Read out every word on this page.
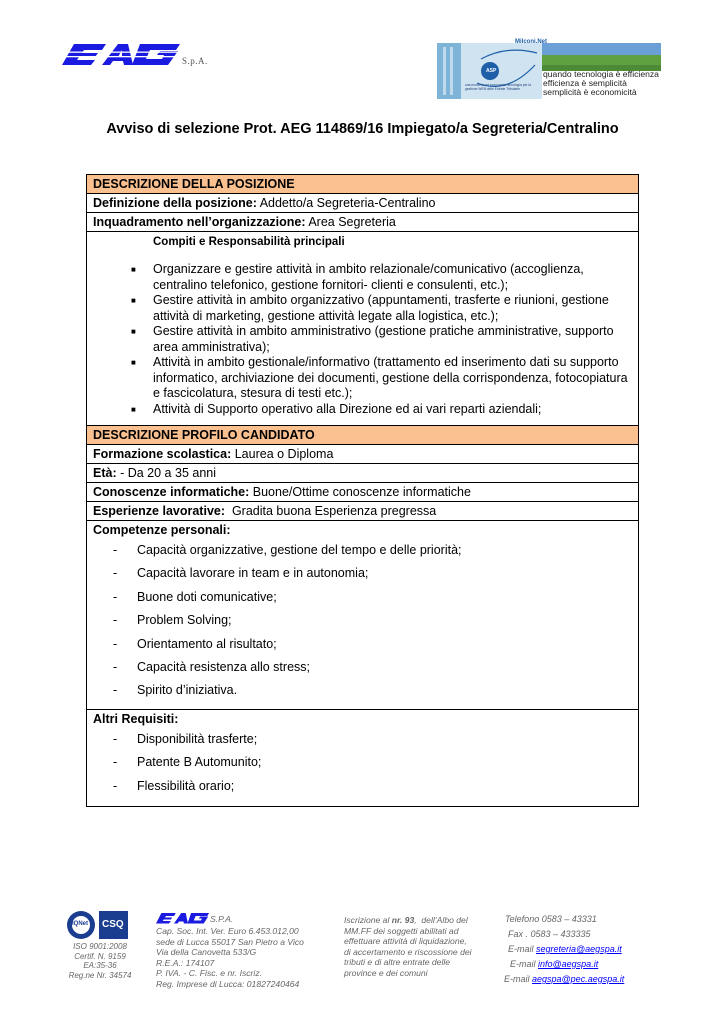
S.p.A.
Milconi.Net
ASP
una moderna ed economica tecnologia per la gestione WEB delle Entrate Tributarie
quando tecnologia è efficienza
efficienza è semplicità
semplicità è economicità
Avviso di selezione Prot. AEG 114869/16 Impiegato/a Segreteria/Centralino
DESCRIZIONE DELLA POSIZIONE
Definizione della posizione: Addetto/a Segreteria-Centralino
Inquadramento nell’organizzazione: Area Segreteria

Compiti e Responsabilità principali
■ Organizzare e gestire attività in ambito relazionale/comunicativo (accoglienza, centralino telefonico, gestione fornitori- clienti e consulenti, etc.);
■ Gestire attività in ambito organizzativo (appuntamenti, trasferte e riunioni, gestione attività di marketing, gestione attività legate alla logistica, etc.);
■ Gestire attività in ambito amministrativo (gestione pratiche amministrative, supporto area amministrativa);
■ Attività in ambito gestionale/informativo (trattamento ed inserimento dati su supporto informatico, archiviazione dei documenti, gestione della corrispondenza, fotocopiatura e fascicolatura, stesura di testi etc.);
■ Attività di Supporto operativo alla Direzione ed ai vari reparti aziendali;

DESCRIZIONE PROFILO CANDIDATO
Formazione scolastica: Laurea o Diploma
Età: - Da 20 a 35 anni
Conoscenze informatiche: Buone/Ottime conoscenze informatiche
Esperienze lavorative:  Gradita buona Esperienza pregressa

Competenze personali:
- Capacità organizzative, gestione del tempo e delle priorità;
- Capacità lavorare in team e in autonomia;
- Buone doti comunicative;
- Problem Solving;
- Orientamento al risultato;
- Capacità resistenza allo stress;
- Spirito d’iniziativa.

Altri Requisiti:
- Disponibilità trasferte;
- Patente B Automunito;
- Flessibilità orario;
IQNet CSQ
ISO 9001:2008
Certif. N. 9159
EA:35-36
Reg.ne Nr. 34574
S.P.A.
Cap. Soc. Int. Ver. Euro 6.453.012,00
sede di Lucca 55017 San Pietro a Vico
Via della Canovetta 533/G
R.E.A.: 174107
P. IVA. - C. Fisc. e nr. Iscriz.
Reg. Imprese di Lucca: 01827240464
Iscrizione al nr. 93,  dell’Albo del
MM.FF dei soggetti abilitati ad
effettuare attività di liquidazione,
di accertamento e riscossione dei
tributi e di altre entrate delle
province e dei comuni
Telefono 0583 – 43331
Fax . 0583 – 433335
E-mail segreteria@aegspa.it
E-mail info@aegspa.it
E-mail aegspa@pec.aegspa.it
